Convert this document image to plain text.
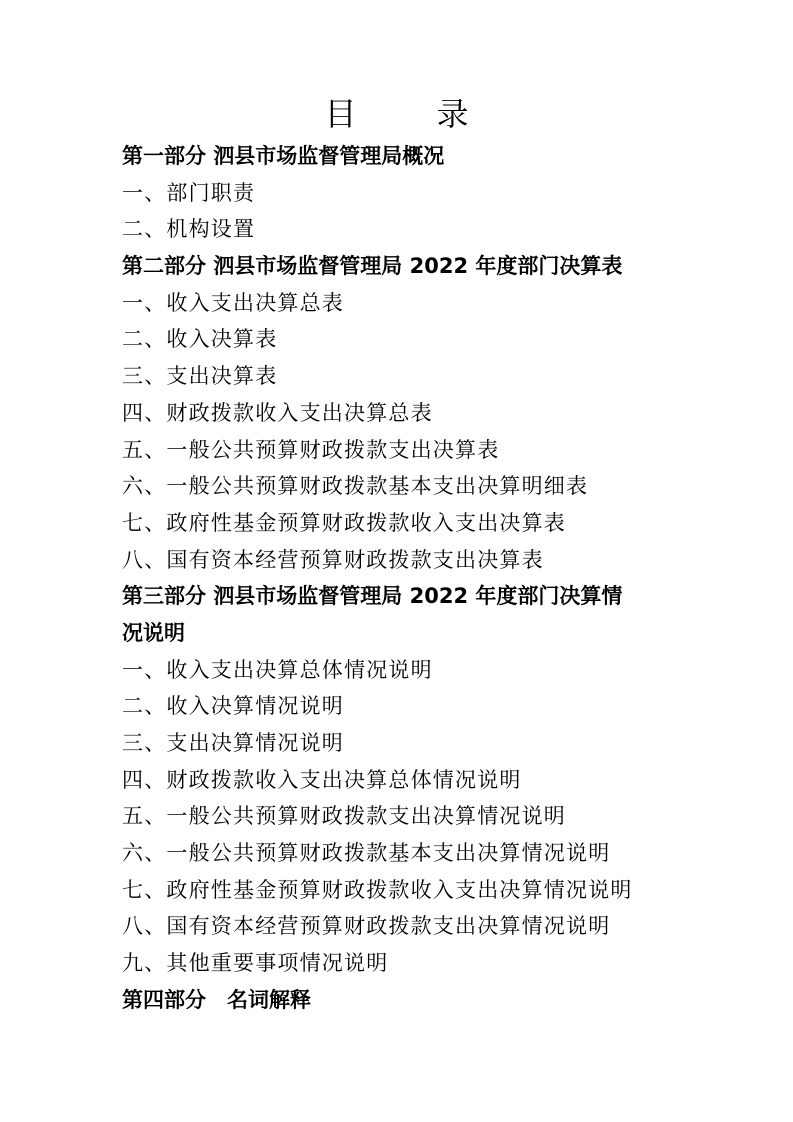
目　录
第一部分 泗县市场监督管理局概况
一、部门职责
二、机构设置
第二部分 泗县市场监督管理局 2022 年度部门决算表
一、收入支出决算总表
二、收入决算表
三、支出决算表
四、财政拨款收入支出决算总表
五、一般公共预算财政拨款支出决算表
六、一般公共预算财政拨款基本支出决算明细表
七、政府性基金预算财政拨款收入支出决算表
八、国有资本经营预算财政拨款支出决算表
第三部分 泗县市场监督管理局 2022 年度部门决算情
况说明
一、收入支出决算总体情况说明
二、收入决算情况说明
三、支出决算情况说明
四、财政拨款收入支出决算总体情况说明
五、一般公共预算财政拨款支出决算情况说明
六、一般公共预算财政拨款基本支出决算情况说明
七、政府性基金预算财政拨款收入支出决算情况说明
八、国有资本经营预算财政拨款支出决算情况说明
九、其他重要事项情况说明
第四部分　名词解释
